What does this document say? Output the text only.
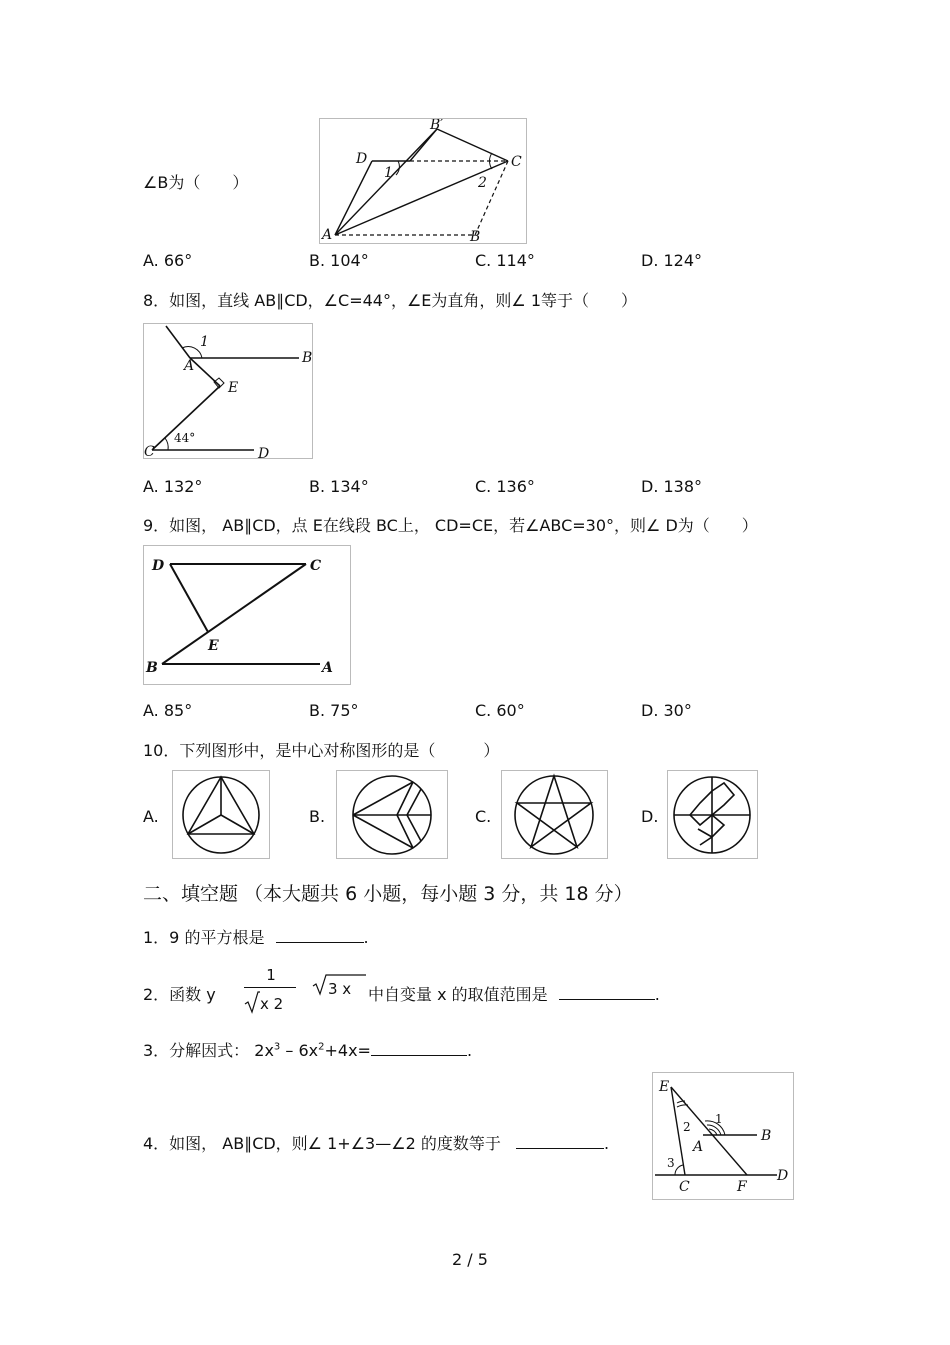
∠B为（　　）
B′
D	C
1
2
A	B
A. 66°	B. 104°	C. 114°	D. 124°
8．如图，直线 AB∥CD，∠C=44°，∠E为直角，则∠ 1等于（　　）
1
A	B
E
C
44°
D
A. 132°	B. 134°	C. 136°	D. 138°
9．如图， AB∥CD，点 E在线段 BC上， CD=CE，若∠ABC=30°，则∠ D为（　　）
D	C
E
B	A
A. 85°	B. 75°	C. 60°	D. 30°
10．下列图形中，是中心对称图形的是（　　　）
A.	B.	C.	D.
二、填空题 （本大题共 6 小题，每小题 3 分，共 18 分）
1．9 的平方根是	.
2．函数 y
1
x 2
3 x 中自变量 x 的取值范围是	.
3．分解因式： $2x^3 - 6x^2+4x=$	.
4．如图， AB∥CD，则∠ 1+∠3—∠2 的度数等于	.
E
1
B
2
A
3
C	F
D
2 / 5
